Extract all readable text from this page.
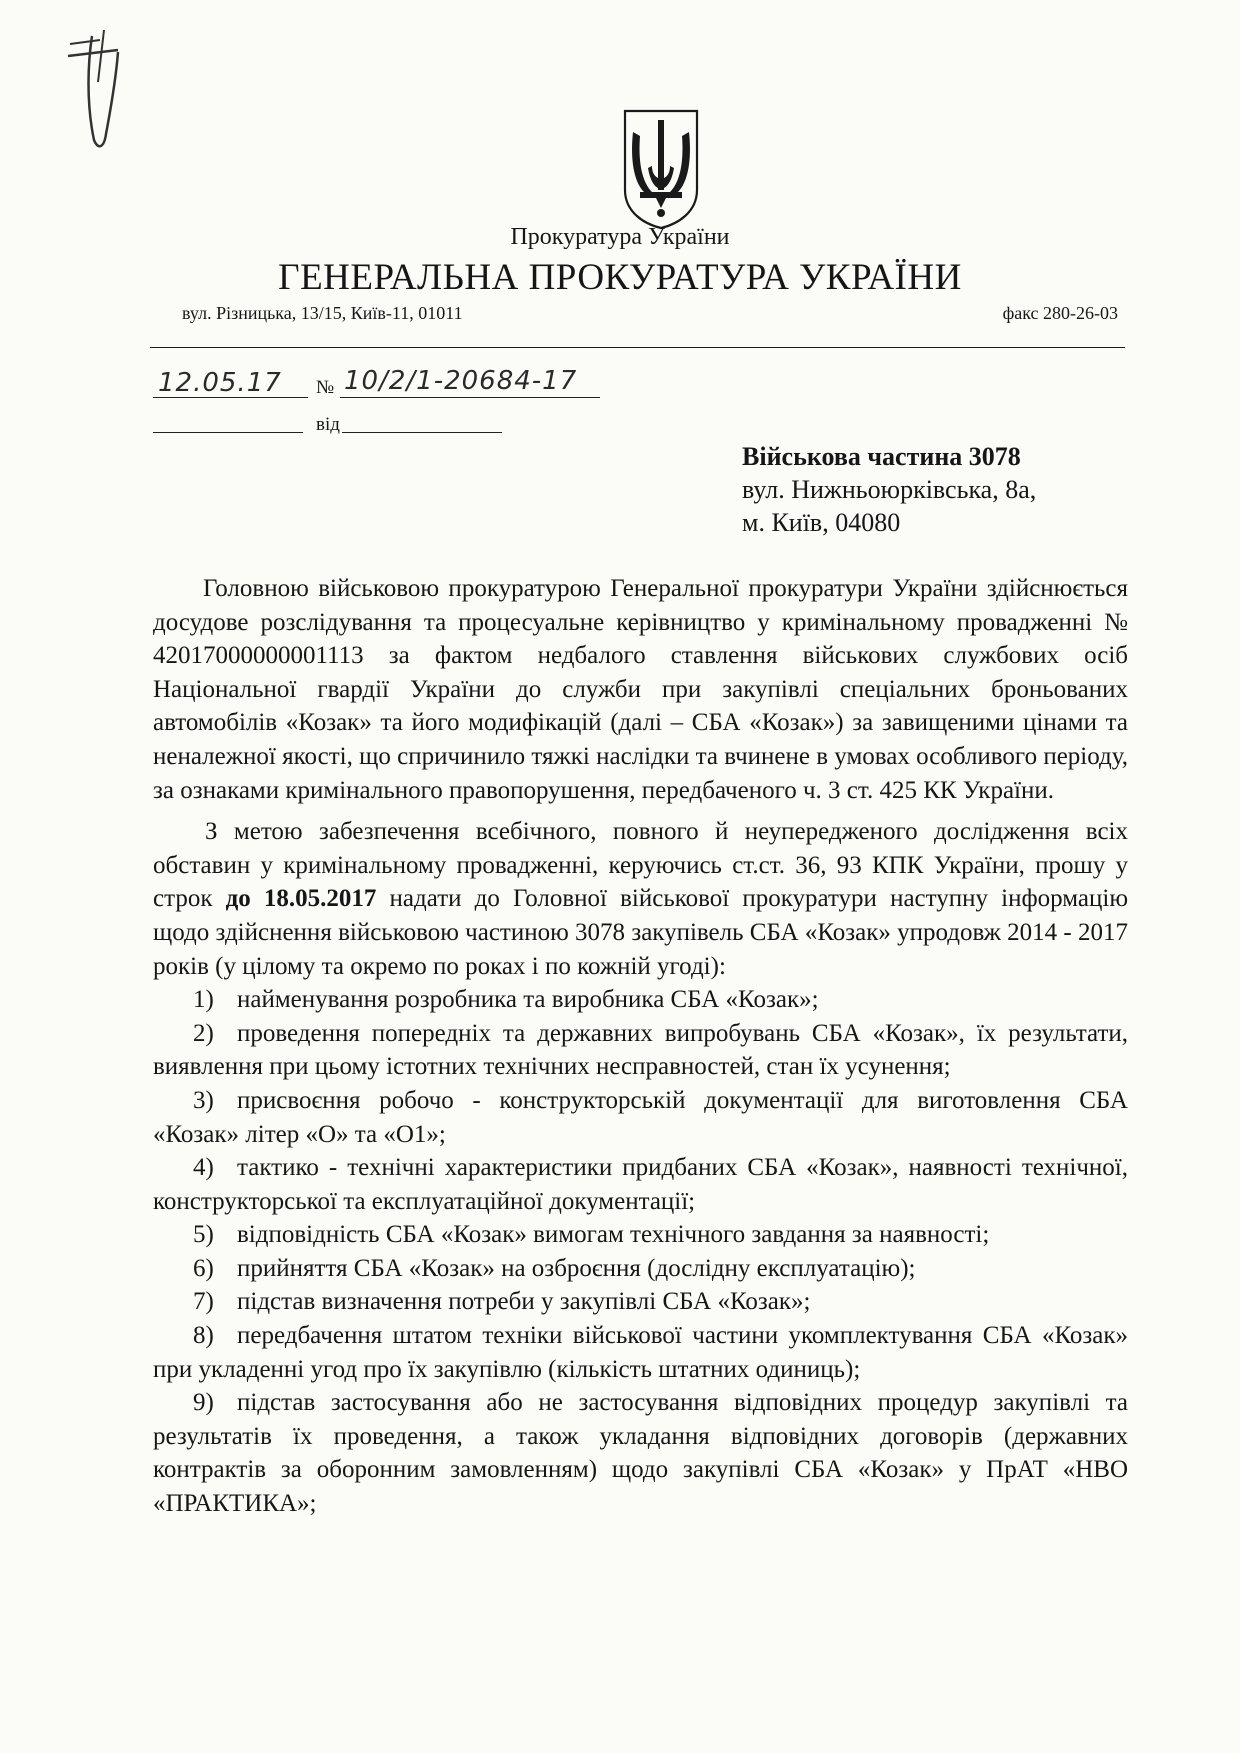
Прокуратура України
ГЕНЕРАЛЬНА ПРОКУРАТУРА УКРАЇНИ
вул. Різницька, 13/15, Київ-11, 01011	факс 280-26-03
12.05.17 № 10/2/1-20684-17
від
Військова частина 3078
вул. Нижньоюрківська, 8а,
м. Київ, 04080

Головною військовою прокуратурою Генеральної прокуратури України здійснюється досудове розслідування та процесуальне керівництво у кримінальному провадженні № 42017000000001113 за фактом недбалого ставлення військових службових осіб Національної гвардії України до служби при закупівлі спеціальних броньованих автомобілів «Козак» та його модифікацій (далі – СБА «Козак») за завищеними цінами та неналежної якості, що спричинило тяжкі наслідки та вчинене в умовах особливого періоду, за ознаками кримінального правопорушення, передбаченого ч. 3 ст. 425 КК України.

З метою забезпечення всебічного, повного й неупередженого дослідження всіх обставин у кримінальному провадженні, керуючись ст.ст. 36, 93 КПК України, прошу у строк до 18.05.2017 надати до Головної військової прокуратури наступну інформацію щодо здійснення військовою частиною 3078 закупівель СБА «Козак» упродовж 2014 - 2017 років (у цілому та окремо по роках і по кожній угоді):

1) найменування розробника та виробника СБА «Козак»;

2) проведення попередніх та державних випробувань СБА «Козак», їх результати, виявлення при цьому істотних технічних несправностей, стан їх усунення;

3) присвоєння робочо - конструкторській документації для виготовлення СБА «Козак» літер «О» та «О1»;

4) тактико - технічні характеристики придбаних СБА «Козак», наявності технічної, конструкторської та експлуатаційної документації;

5) відповідність СБА «Козак» вимогам технічного завдання за наявності;

6) прийняття СБА «Козак» на озброєння (дослідну експлуатацію);

7) підстав визначення потреби у закупівлі СБА «Козак»;

8) передбачення штатом техніки військової частини укомплектування СБА «Козак» при укладенні угод про їх закупівлю (кількість штатних одиниць);

9) підстав застосування або не застосування відповідних процедур закупівлі та результатів їх проведення, а також укладання відповідних договорів (державних контрактів за оборонним замовленням) щодо закупівлі СБА «Козак» у ПрАТ «НВО «ПРАКТИКА»;
